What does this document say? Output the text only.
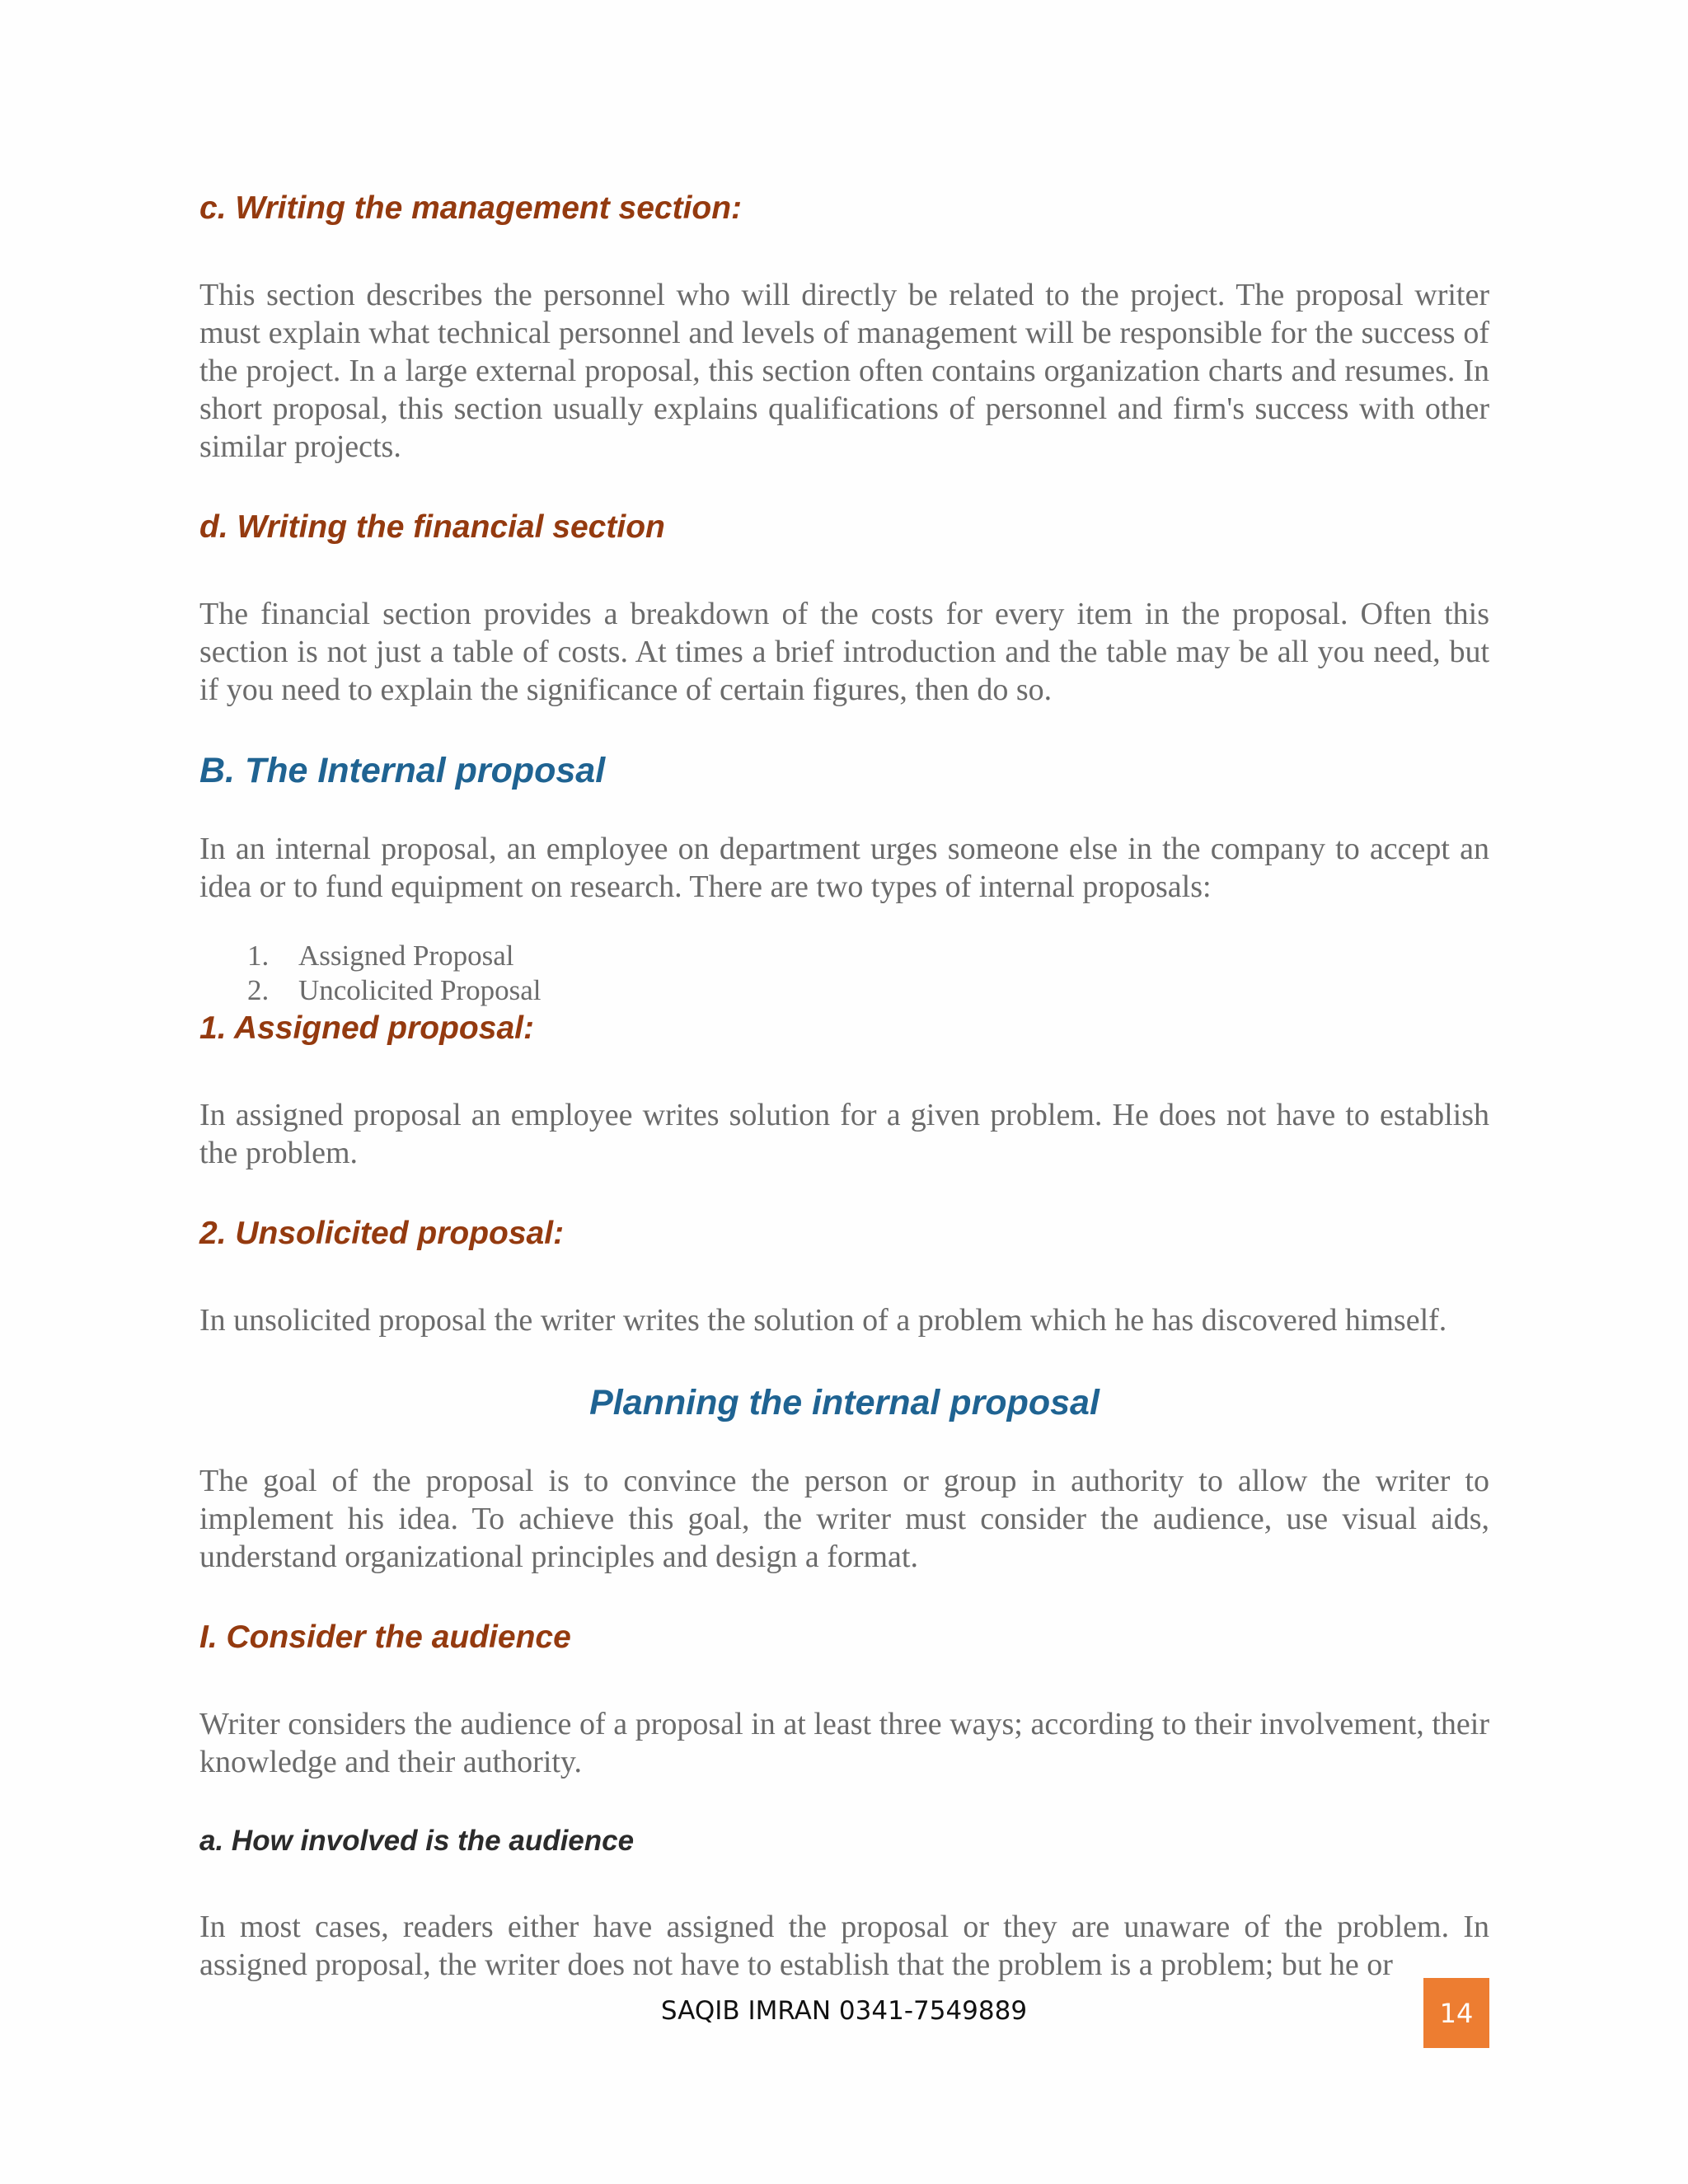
c. Writing the management section:

This section describes the personnel who will directly be related to the project. The proposal writer must explain what technical personnel and levels of management will be responsible for the success of the project. In a large external proposal, this section often contains organization charts and resumes. In short proposal, this section usually explains qualifications of personnel and firm's success with other similar projects.

d. Writing the financial section

The financial section provides a breakdown of the costs for every item in the proposal. Often this section is not just a table of costs. At times a brief introduction and the table may be all you need, but if you need to explain the significance of certain figures, then do so.

B. The Internal proposal

In an internal proposal, an employee on department urges someone else in the company to accept an idea or to fund equipment on research. There are two types of internal proposals:

1. Assigned Proposal
2. Uncolicited Proposal
1. Assigned proposal:

In assigned proposal an employee writes solution for a given problem. He does not have to establish the problem.

2. Unsolicited proposal:

In unsolicited proposal the writer writes the solution of a problem which he has discovered himself.

Planning the internal proposal

The goal of the proposal is to convince the person or group in authority to allow the writer to implement his idea. To achieve this goal, the writer must consider the audience, use visual aids, understand organizational principles and design a format.

I. Consider the audience

Writer considers the audience of a proposal in at least three ways; according to their involvement, their knowledge and their authority.

a. How involved is the audience

In most cases, readers either have assigned the proposal or they are unaware of the problem. In assigned proposal, the writer does not have to establish that the problem is a problem; but he or

SAQIB IMRAN 0341-7549889	14
